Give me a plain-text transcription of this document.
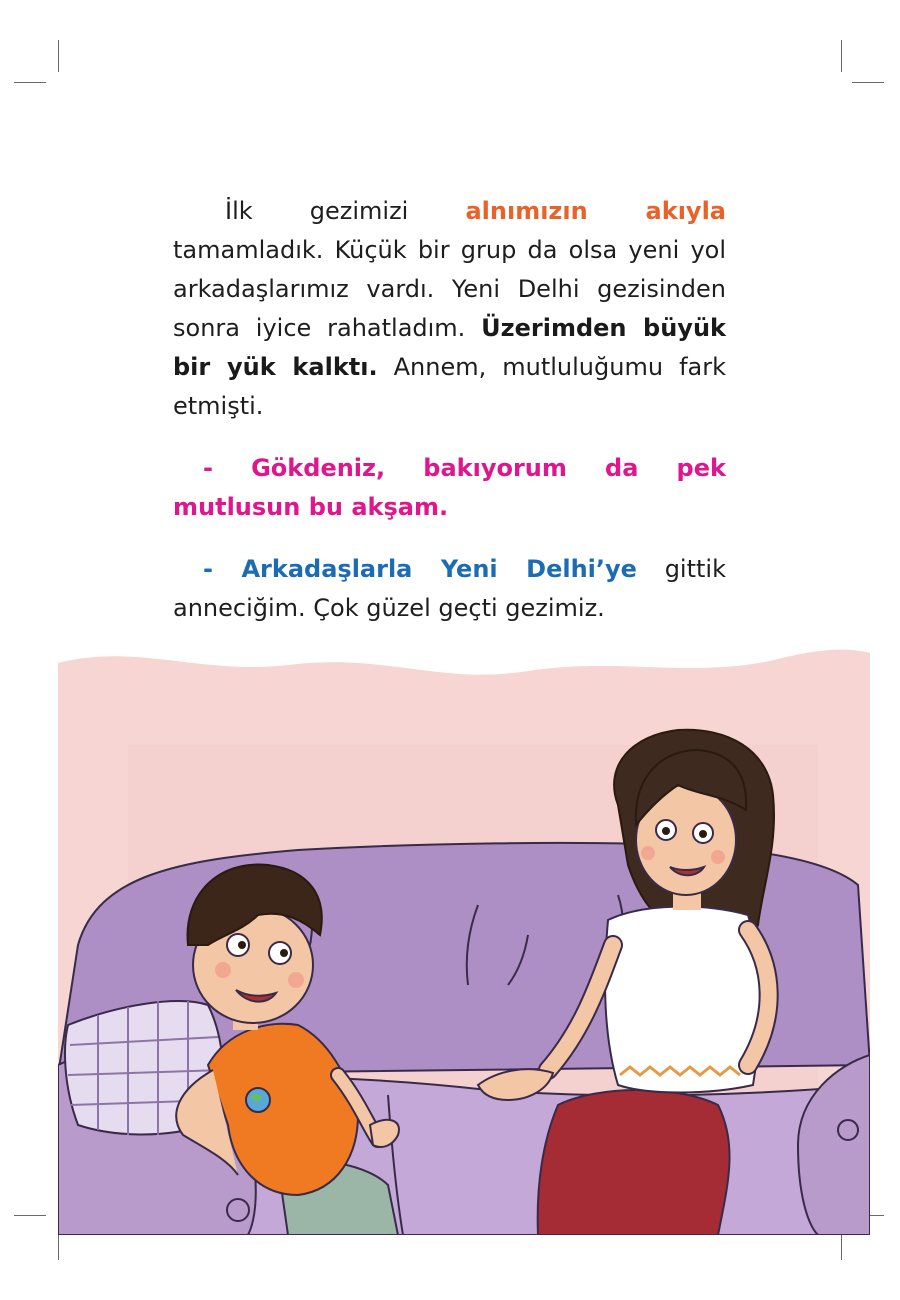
İlk gezimizi alnımızın akıyla tamamladık. Küçük bir grup da olsa yeni yol arkadaşlarımız vardı. Yeni Delhi gezisinden sonra iyice rahatladım. Üzerimden büyük bir yük kalktı. Annem, mutluluğumu fark etmişti.

- Gökdeniz, bakıyorum da pek mutlusun bu akşam.

- Arkadaşlarla Yeni Delhi’ye gittik anneciğim. Çok güzel geçti gezimiz.
